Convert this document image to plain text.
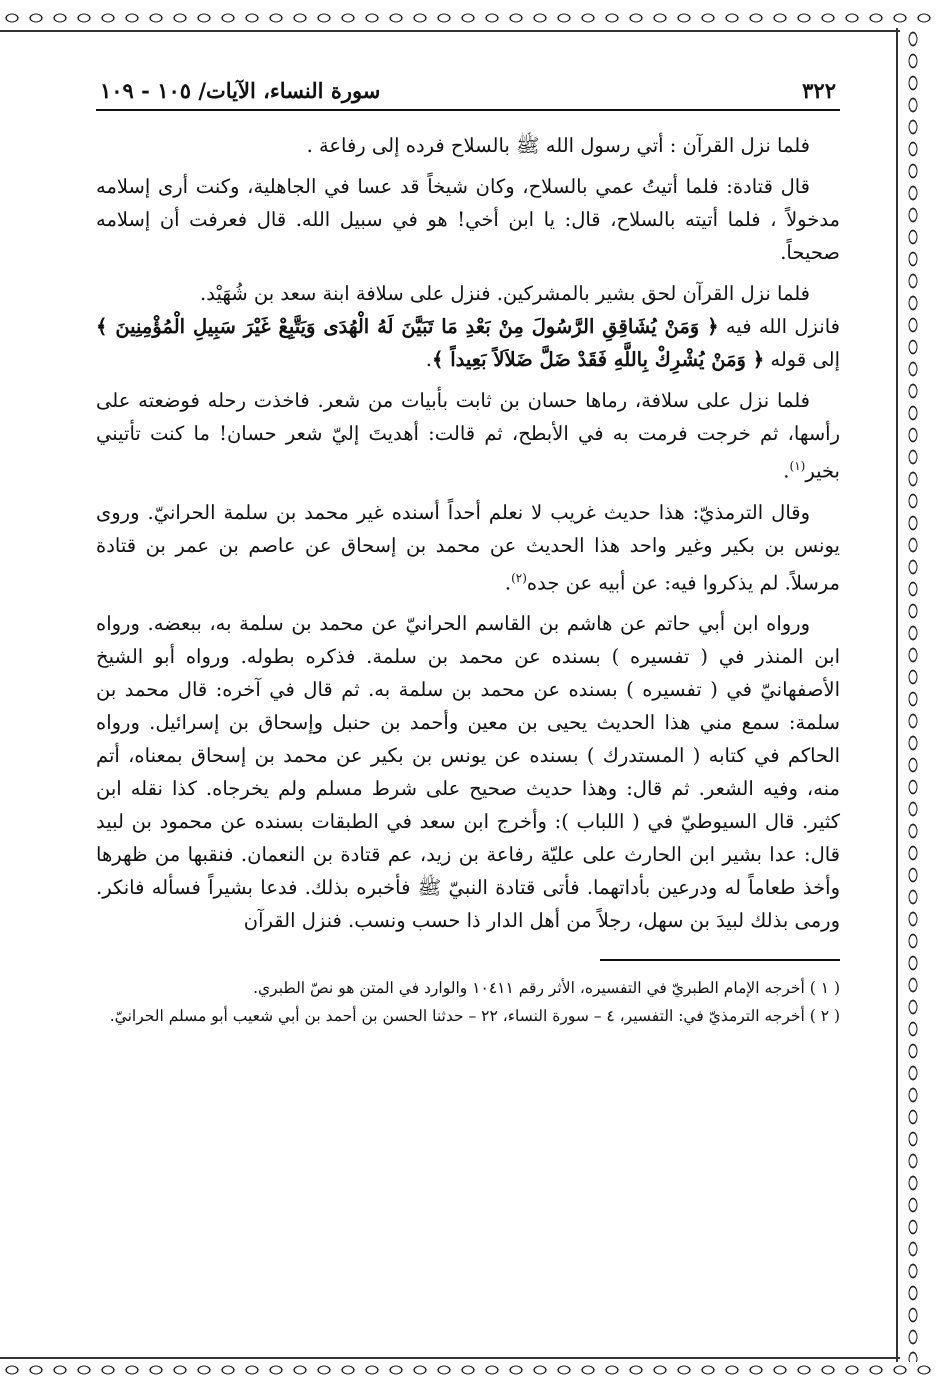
٣٢٢
سورة النساء، الآيات/ ١٠٥ - ١٠٩

فلما نزل القرآن : أتي رسول الله ﷺ بالسلاح فرده إلى رفاعة .

قال قتادة: فلما أتيتُ عمي بالسلاح، وكان شيخاً قد عسا في الجاهلية، وكنت أرى إسلامه مدخولاً ، فلما أتيته بالسلاح، قال: يا ابن أخي! هو في سبيل الله. قال فعرفت أن إسلامه صحيحاً.

فلما نزل القرآن لحق بشير بالمشركين. فنزل على سلافة ابنة سعد بن شُهَيْد.

فانزل الله فيه ﴿ وَمَنْ يُشَاقِقِ الرَّسُولَ مِنْ بَعْدِ مَا تَبَيَّنَ لَهُ الْهُدَى وَيَتَّبِعْ غَيْرَ سَبِيلِ الْمُؤْمِنِينَ ﴾ إلى قوله ﴿ وَمَنْ يُشْرِكْ بِاللَّهِ فَقَدْ ضَلَّ ضَلاَلاً بَعِيداً ﴾.

فلما نزل على سلافة، رماها حسان بن ثابت بأبيات من شعر. فاخذت رحله فوضعته على رأسها، ثم خرجت فرمت به في الأبطح، ثم قالت: أهديتَ إليّ شعر حسان! ما كنت تأتيني بخير$^{(١)}$.

وقال الترمذيّ: هذا حديث غريب لا نعلم أحداً أسنده غير محمد بن سلمة الحرانيّ. وروى يونس بن بكير وغير واحد هذا الحديث عن محمد بن إسحاق عن عاصم بن عمر بن قتادة مرسلاً. لم يذكروا فيه: عن أبيه عن جده$^{(٢)}$.

ورواه ابن أبي حاتم عن هاشم بن القاسم الحرانيّ عن محمد بن سلمة به، ببعضه. ورواه ابن المنذر في ( تفسيره ) بسنده عن محمد بن سلمة. فذكره بطوله. ورواه أبو الشيخ الأصفهانيّ في ( تفسيره ) بسنده عن محمد بن سلمة به. ثم قال في آخره: قال محمد بن سلمة: سمع مني هذا الحديث يحيى بن معين وأحمد بن حنبل وإسحاق بن إسرائيل. ورواه الحاكم في كتابه ( المستدرك ) بسنده عن يونس بن بكير عن محمد بن إسحاق بمعناه، أتم منه، وفيه الشعر. ثم قال: وهذا حديث صحيح على شرط مسلم ولم يخرجاه. كذا نقله ابن كثير. قال السيوطيّ في ( اللباب ): وأخرج ابن سعد في الطبقات بسنده عن محمود بن لبيد قال: عدا بشير ابن الحارث على عليّة رفاعة بن زيد، عم قتادة بن النعمان. فنقبها من ظهرها وأخذ طعاماً له ودرعين بأداتهما. فأتى قتادة النبيّ ﷺ فأخبره بذلك. فدعا بشيراً فسأله فانكر. ورمى بذلك لبيدَ بن سهل، رجلاً من أهل الدار ذا حسب ونسب. فنزل القرآن

( ١ ) أخرجه الإمام الطبريّ في التفسيره، الأثر رقم ١٠٤١١ والوارد في المتن هو نصّ الطبري.

( ٢ ) أخرجه الترمذيّ في: التفسير، ٤ – سورة النساء، ٢٢ – حدثنا الحسن بن أحمد بن أبي شعيب أبو مسلم الحرانيّ.
